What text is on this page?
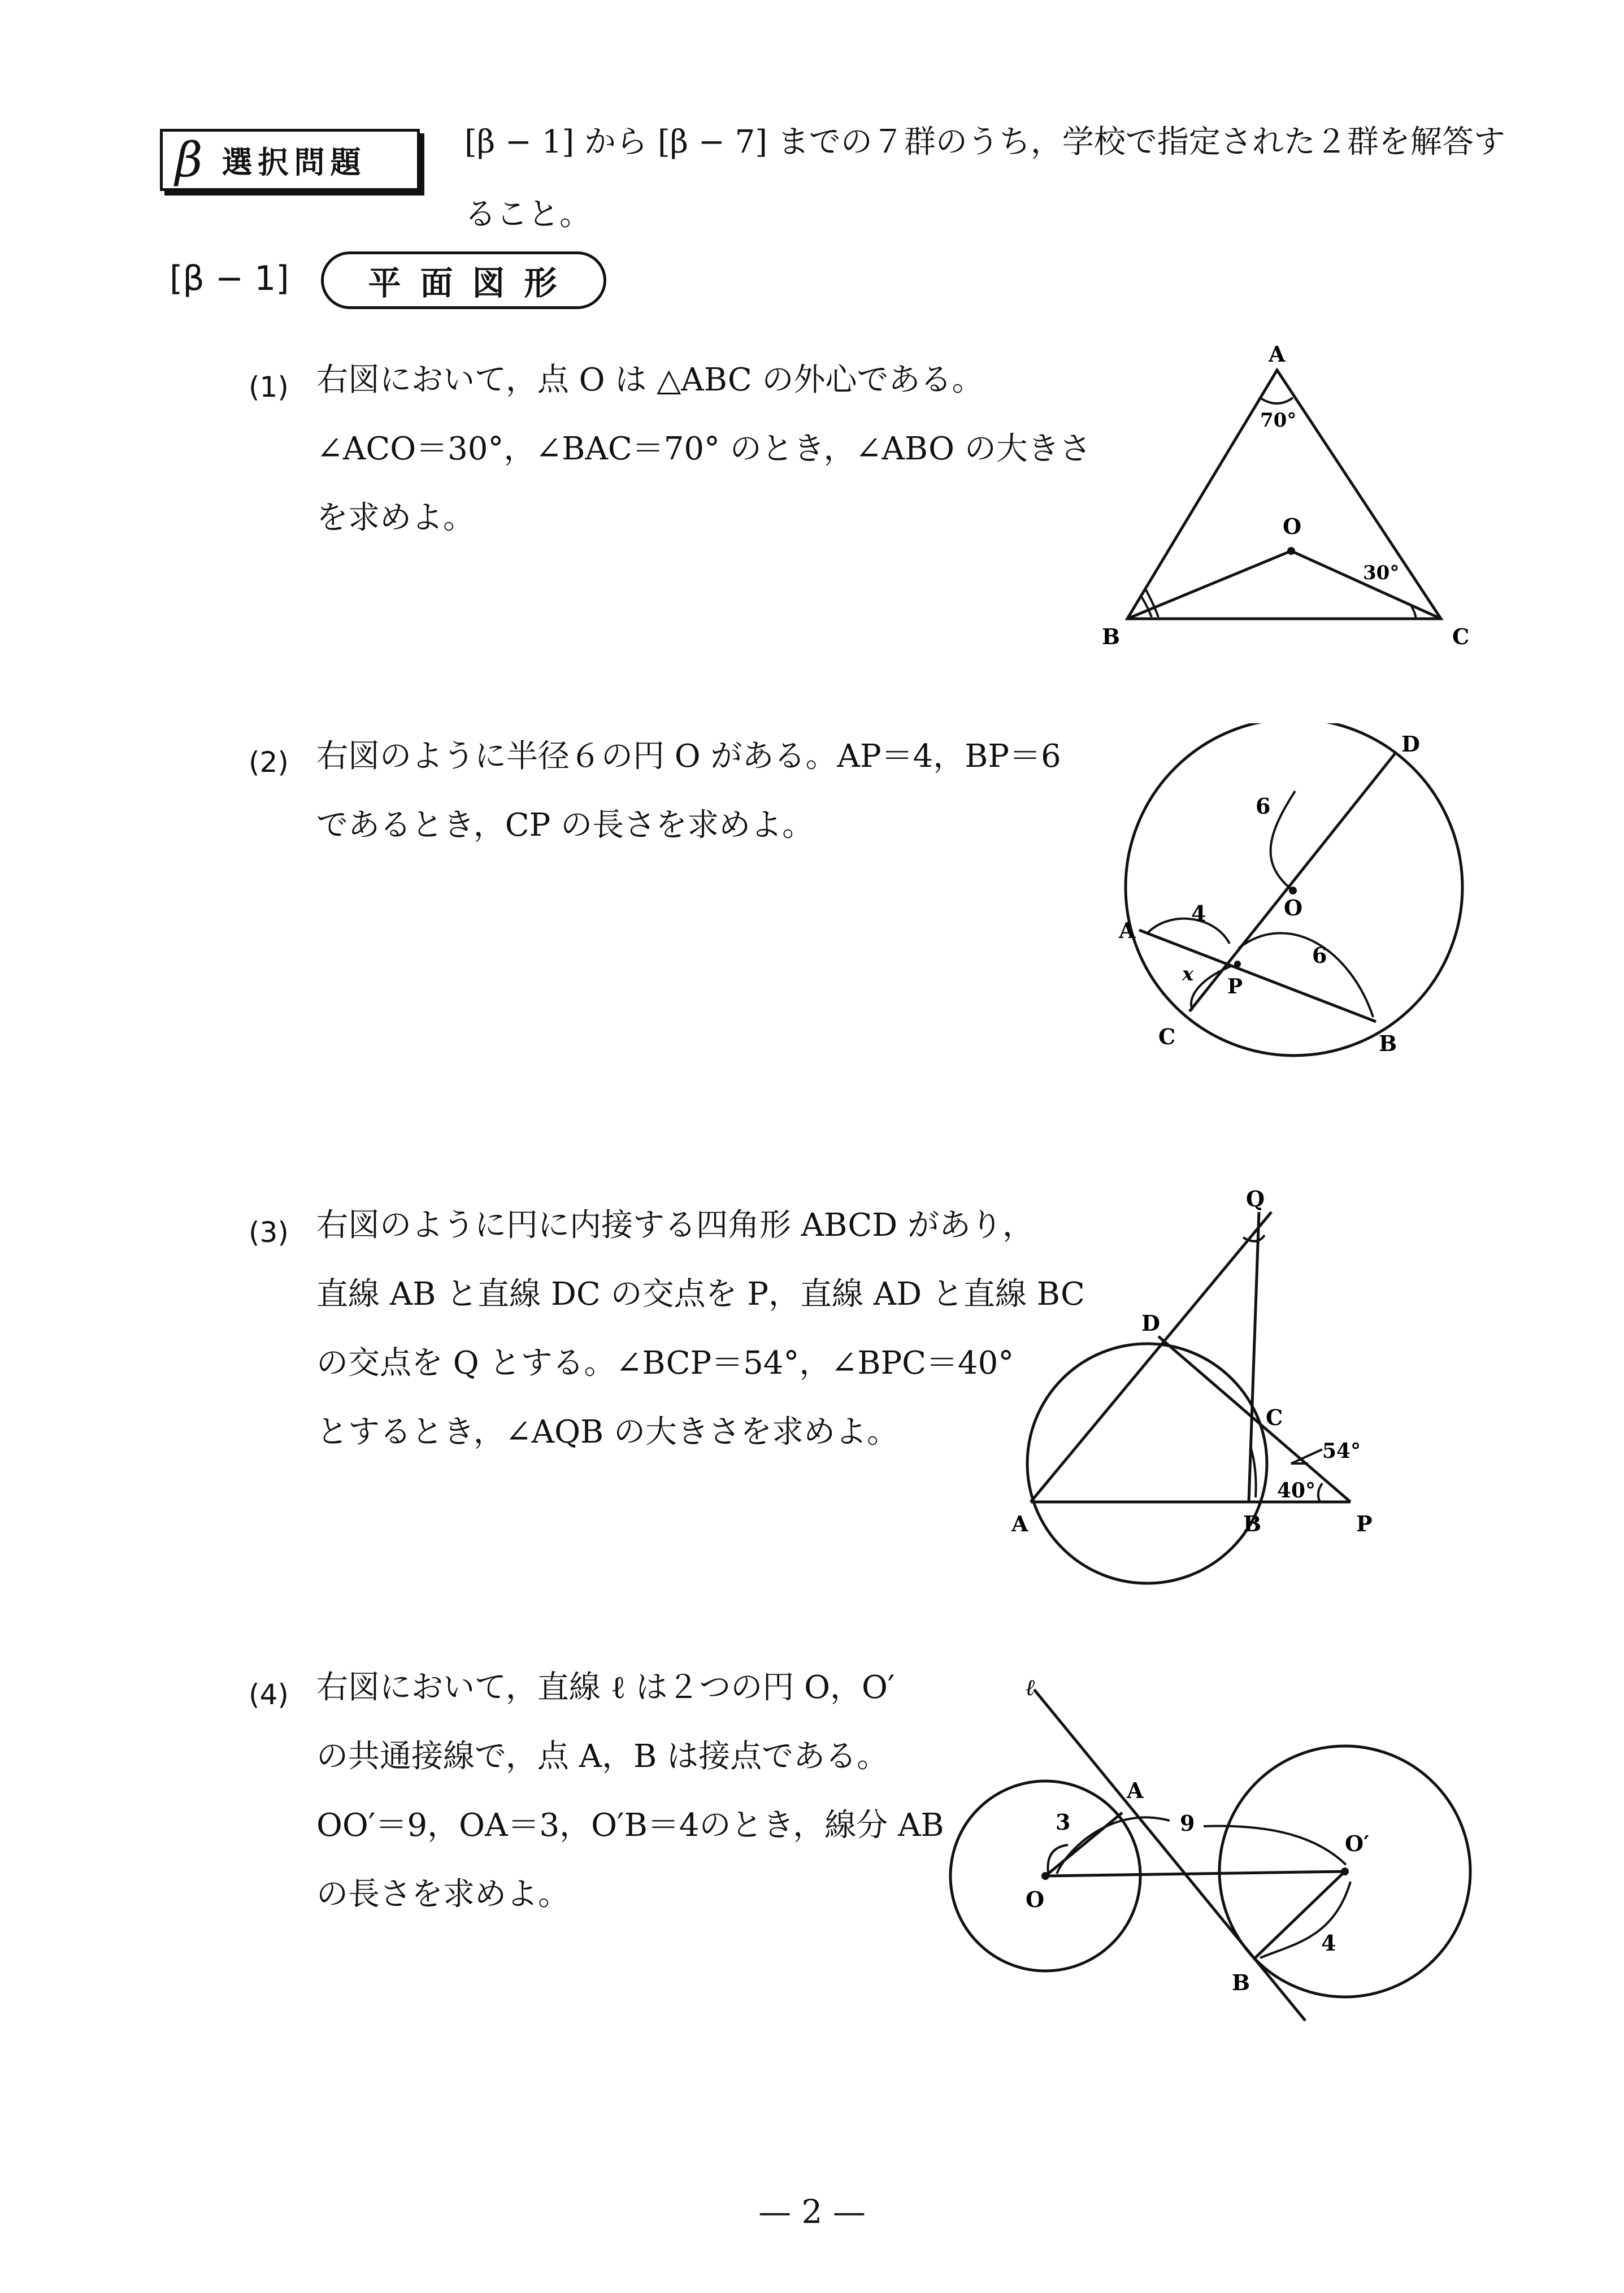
β 選択問題
[β − 1] から [β − 7] までの７群のうち，学校で指定された２群を解答すること。
[β − 1]	平面図形
(1) 右図において，点 O は △ABC の外心である。
∠ACO＝30°，∠BAC＝70° のとき，∠ABO の大きさ
を求めよ。
A
B	C
O
70°
30°
(2) 右図のように半径６の円 O がある。AP＝4，BP＝6
であるとき，CP の長さを求めよ。
A
B
C
D
O
P
6
4
6
x
(3) 右図のように円に内接する四角形 ABCD があり，
直線 AB と直線 DC の交点を P，直線 AD と直線 BC
の交点を Q とする。∠BCP＝54°，∠BPC＝40°
とするとき，∠AQB の大きさを求めよ。
Q
D
C
A	B	P
54°
40°
(4) 右図において，直線 ℓ は２つの円 O，O′
の共通接線で，点 A，B は接点である。
OO′＝9，OA＝3，O′B＝4のとき，線分 AB
の長さを求めよ。
ℓ
A
B
O
O′
9
3
4
— 2 —
